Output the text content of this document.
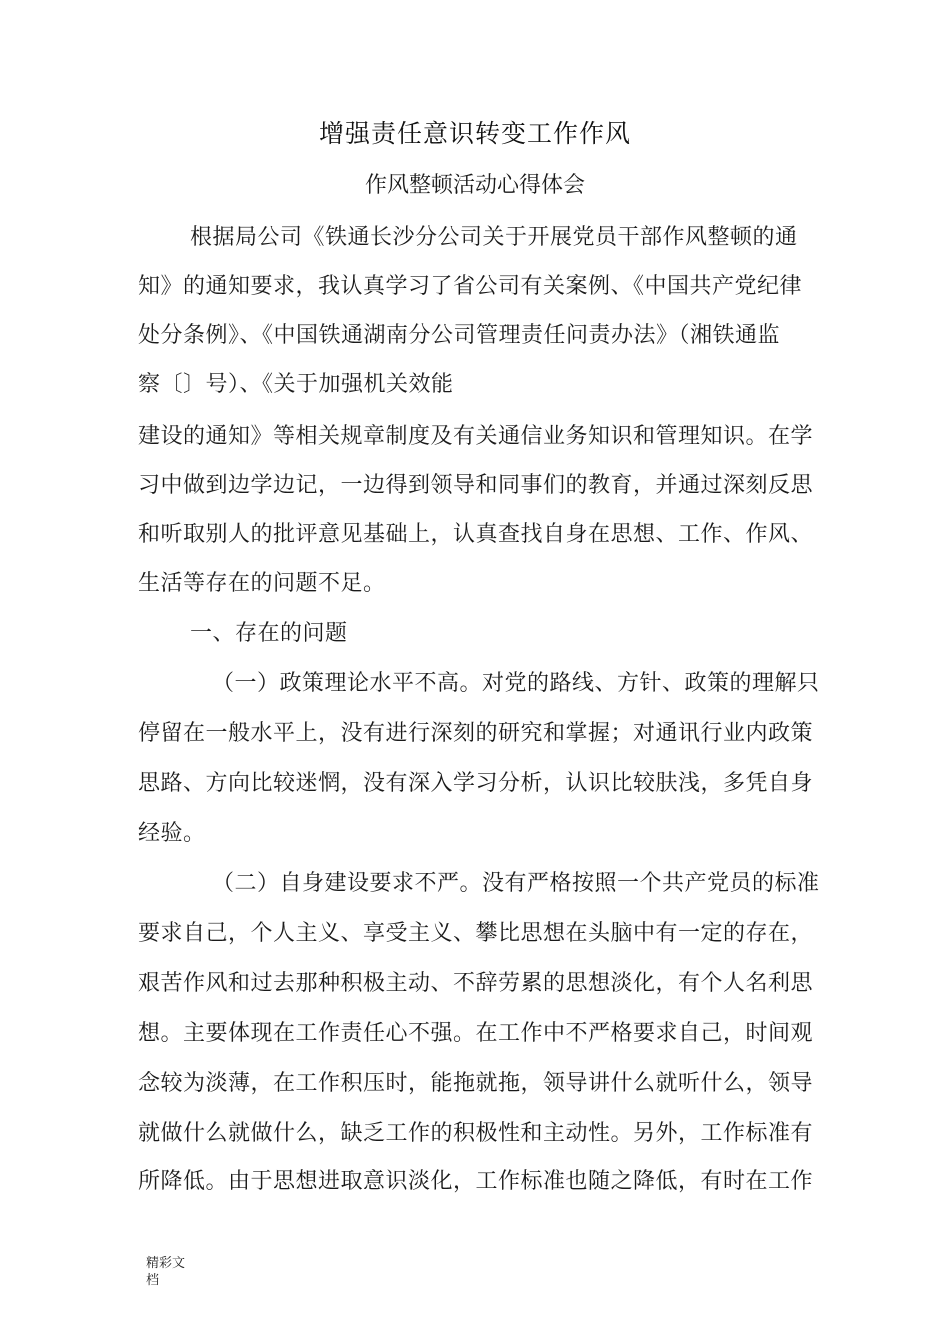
增强责任意识转变工作作风
作风整顿活动心得体会
根据局公司《铁通长沙分公司关于开展党员干部作风整顿的通
知》的通知要求，我认真学习了省公司有关案例、《中国共产党纪律
处分条例》、《中国铁通湖南分公司管理责任问责办法》（湘铁通监
察〔〕号）、《关于加强机关效能
建设的通知》等相关规章制度及有关通信业务知识和管理知识。在学
习中做到边学边记，一边得到领导和同事们的教育，并通过深刻反思
和听取别人的批评意见基础上，认真查找自身在思想、工作、作风、
生活等存在的问题不足。
一、存在的问题
（一）政策理论水平不高。对党的路线、方针、政策的理解只
停留在一般水平上，没有进行深刻的研究和掌握；对通讯行业内政策
思路、方向比较迷惘，没有深入学习分析，认识比较肤浅，多凭自身
经验。
（二）自身建设要求不严。没有严格按照一个共产党员的标准
要求自己，个人主义、享受主义、攀比思想在头脑中有一定的存在，
艰苦作风和过去那种积极主动、不辞劳累的思想淡化，有个人名利思
想。主要体现在工作责任心不强。在工作中不严格要求自己，时间观
念较为淡薄，在工作积压时，能拖就拖，领导讲什么就听什么，领导
就做什么就做什么，缺乏工作的积极性和主动性。另外，工作标准有
所降低。由于思想进取意识淡化，工作标准也随之降低，有时在工作
精彩文档
